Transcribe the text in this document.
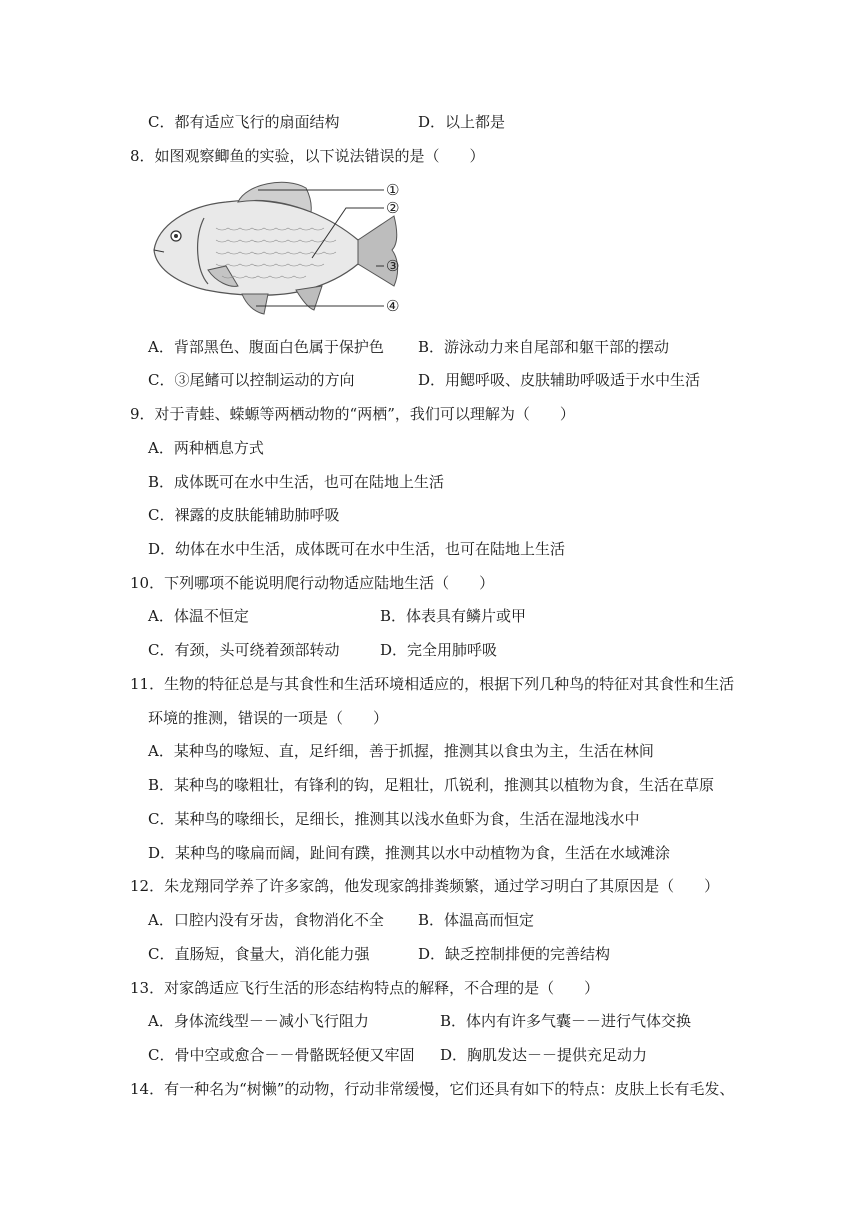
C．都有适应飞行的扇面结构	D．以上都是
8．如图观察鲫鱼的实验，以下说法错误的是（　　）
①
②
③
④
A．背部黑色、腹面白色属于保护色 B．游泳动力来自尾部和躯干部的摆动
C．③尾鳍可以控制运动的方向	D．用鳃呼吸、皮肤辅助呼吸适于水中生活
9．对于青蛙、蝾螈等两栖动物的“两栖”，我们可以理解为（　　）
A．两种栖息方式
B．成体既可在水中生活，也可在陆地上生活
C．裸露的皮肤能辅助肺呼吸
D．幼体在水中生活，成体既可在水中生活，也可在陆地上生活
10．下列哪项不能说明爬行动物适应陆地生活（　　）
A．体温不恒定	B．体表具有鳞片或甲
C．有颈，头可绕着颈部转动	D．完全用肺呼吸
11．生物的特征总是与其食性和生活环境相适应的，根据下列几种鸟的特征对其食性和生活
环境的推测，错误的一项是（　　）
A．某种鸟的喙短、直，足纤细，善于抓握，推测其以食虫为主，生活在林间
B．某种鸟的喙粗壮，有锋利的钩，足粗壮，爪锐利，推测其以植物为食，生活在草原
C．某种鸟的喙细长，足细长，推测其以浅水鱼虾为食，生活在湿地浅水中
D．某种鸟的喙扁而阔，趾间有蹼，推测其以水中动植物为食，生活在水域滩涂
12．朱龙翔同学养了许多家鸽，他发现家鸽排粪频繁，通过学习明白了其原因是（　　）
A．口腔内没有牙齿，食物消化不全 B．体温高而恒定
C．直肠短，食量大，消化能力强	D．缺乏控制排便的完善结构
13．对家鸽适应飞行生活的形态结构特点的解释，不合理的是（　　）
A．身体流线型－－减小飞行阻力	B．体内有许多气囊－－进行气体交换
C．骨中空或愈合－－骨骼既轻便又牢固 D．胸肌发达－－提供充足动力
14．有一种名为“树懒”的动物，行动非常缓慢，它们还具有如下的特点：皮肤上长有毛发、
